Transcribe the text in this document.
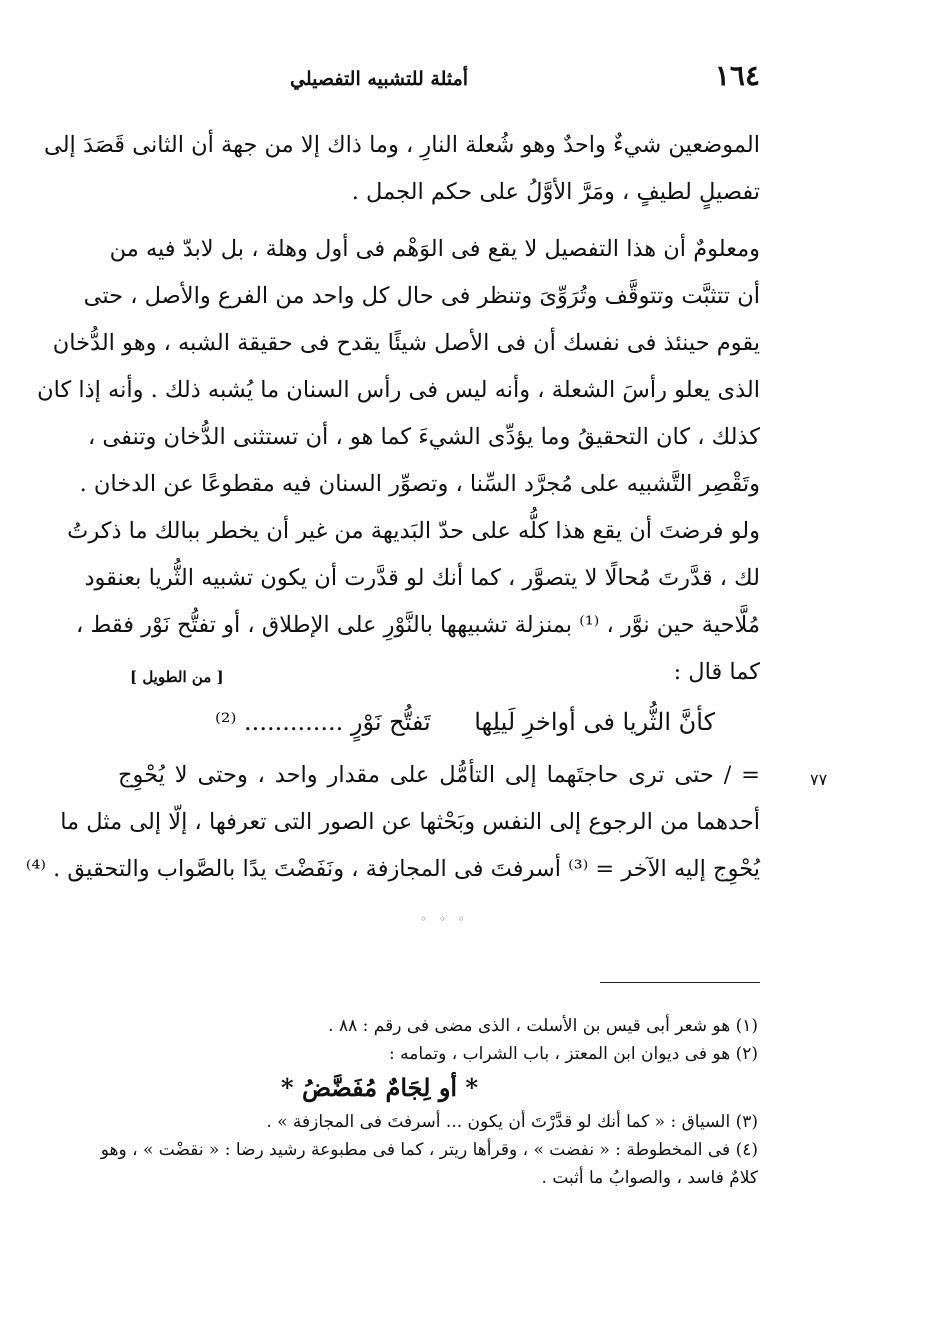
١٦٤
أمثلة للتشبيه التفصيلي
الموضعين شيءٌ واحدٌ وهو شُعلة النارِ ، وما ذاك إلا من جهة أن الثانى قَصَدَ إلى
تفصيلٍ لطيفٍ ، ومَرَّ الأوَّلُ على حكم الجمل .
ومعلومٌ أن هذا التفصيل لا يقع فى الوَهْم فى أول وهلة ، بل لابدّ فيه من
أن تتثبَّت وتتوقَّف وتُرَوِّىَ وتنظر فى حال كل واحد من الفرع والأصل ، حتى
يقوم حينئذ فى نفسك أن فى الأصل شيئًا يقدح فى حقيقة الشبه ، وهو الدُّخان
الذى يعلو رأسَ الشعلة ، وأنه ليس فى رأس السنان ما يُشبه ذلك . وأنه إذا كان
كذلك ، كان التحقيقُ وما يؤدِّى الشيءَ كما هو ، أن تستثنى الدُّخان وتنفى ،
وتَقْصِر التَّشبيه على مُجرَّد السِّنا ، وتصوِّر السنان فيه مقطوعًا عن الدخان .
ولو فرضتَ أن يقع هذا كلُّه على حدّ البَديهة من غير أن يخطر ببالك ما ذكرتُ
لك ، قدَّرتَ مُحالًا لا يتصوَّر ، كما أنك لو قدَّرت أن يكون تشبيه الثُّريا بعنقود
مُلَّاحية حين نوَّر ، ⁽¹⁾ بمنزلة تشبيهها بالنَّوْرِ على الإطلاق ، أو تفتُّح نَوْر فقط ،
كما قال :
[ من الطويل ]
كأنَّ الثُّريا فى أواخرِ لَيلِها
تَفتُّح نَوْرٍ ............. ⁽²⁾
= / حتى ترى حاجتَهما إلى التأمُّل على مقدار واحد ، وحتى لا يُحْوِج
أحدهما من الرجوع إلى النفس وبَحْثها عن الصور التى تعرفها ، إلّا إلى مثل ما
يُحْوِج إليه الآخر = ⁽³⁾ أسرفتَ فى المجازفة ، ونَفَضْتَ يدًا بالصَّواب والتحقيق . ⁽⁴⁾
٧٧
◦ ◦ ◦
(١) هو شعر أبى قيس بن الأسلت ، الذى مضى فى رقم : ٨٨ .
(٢) هو فى ديوان ابن المعتز ، باب الشراب ، وتمامه :
* أو لِجَامٌ مُفَضَّضُ *
(٣) السياق : « كما أنك لو قدَّرْتَ أن يكون ... أسرفتَ فى المجازفة » .
(٤) فى المخطوطة : « نفضت » ، وقرأها ريتر ، كما فى مطبوعة رشيد رضا : « نقضْت » ، وهو
كلامٌ فاسد ، والصوابُ ما أثبت .
